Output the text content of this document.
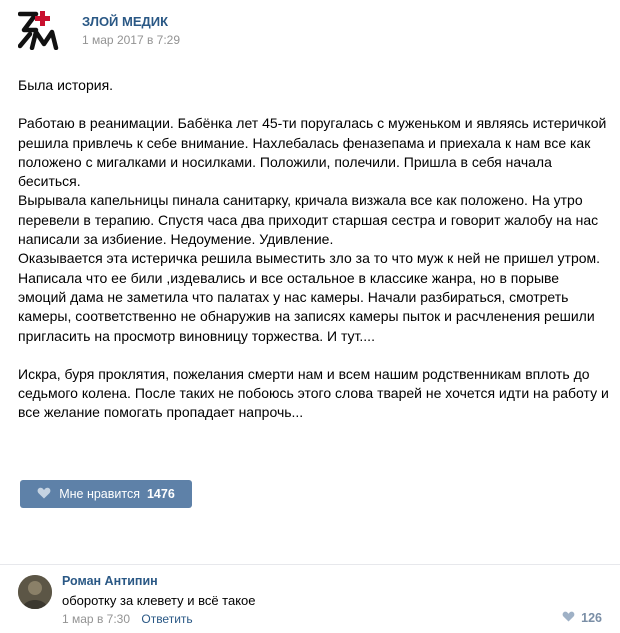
ЗЛОЙ МЕДИК
1 мар 2017 в 7:29

Была история.

Работаю в реанимации. Бабёнка лет 45-ти поругалась с муженьком и являясь истеричкой решила привлечь к себе внимание. Нахлебалась феназепама и приехала к нам все как положено с мигалками и носилками. Положили, полечили. Пришла в себя начала беситься.

Вырывала капельницы пинала санитарку, кричала визжала все как положено. На утро перевели в терапию. Спустя часа два приходит старшая сестра и говорит жалобу на нас написали за избиение. Недоумение. Удивление.

Оказывается эта истеричка решила выместить зло за то что муж к ней не пришел утром. Написала что ее били ,издевались и все остальное в классике жанра, но в порыве эмоций дама не заметила что палатах у нас камеры. Начали разбираться, смотреть камеры, соответственно не обнаружив на записях камеры пыток и расчленения решили пригласить на просмотр виновницу торжества. И тут....

Искра, буря проклятия, пожелания смерти нам и всем нашим родственникам вплоть до седьмого колена. После таких не побоюсь этого слова тварей не хочется идти на работу и все желание помогать пропадает напрочь...

Мне нравится 1476
Роман Антипин
оборотку за клевету и всё такое
1 мар в 7:30 Ответить	126
